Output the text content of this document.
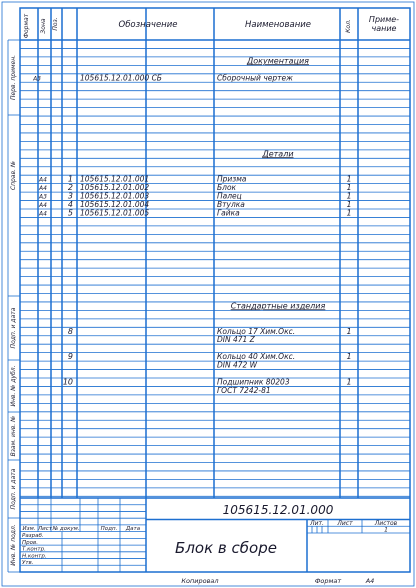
Формат Зона Поз.	Обозначение	Наименование	Кол. Приме-чание
Документация
А3	105615.12.01.000 СБ	Сборочный чертеж
Детали
А4	1 105615.12.01.001	Призма	1
А4	2 105615.12.01.002	Блок	1
А3	3 105615.12.01.003	Палец	1
А4	4 105615.12.01.004	Втулка	1
А4	5 105615.12.01.005	Гайка	1
Стандартные изделия
8	Кольцо 17 Хим.Окс.	1
DIN 471 Z
9	Кольцо 40 Хим.Окс.	1
DIN 472 W
10	Подшипник 80203	1
ГОСТ 7242-81
Перв. примен.
Справ. №
Подп. и дата
Инв. № дубл.
Взам. инв. №
Подп. и дата
Инв. № подл. Изм. Лист № докум.	Подп. Дата
Разраб.
Пров.
Т.контр.
Н.контр.
Утв.
105615.12.01.000
Блок в сборе
Лит. Лист	Листов
1
Копировал	Формат	А4
